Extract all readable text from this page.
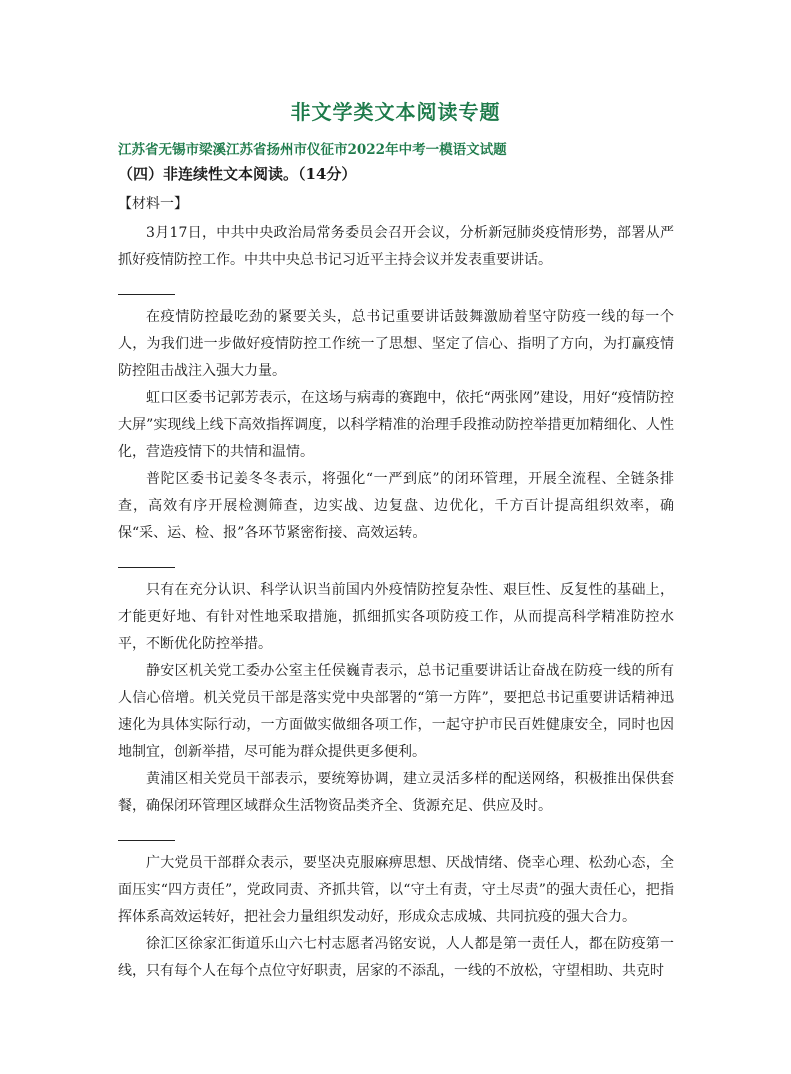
非文学类文本阅读专题
江苏省无锡市梁溪江苏省扬州市仪征市2022年中考一模语文试题
（四）非连续性文本阅读。（14分）
【材料一】

3月17日，中共中央政治局常务委员会召开会议，分析新冠肺炎疫情形势，部署从严抓好疫情防控工作。中共中央总书记习近平主持会议并发表重要讲话。

在疫情防控最吃劲的紧要关头，总书记重要讲话鼓舞激励着坚守防疫一线的每一个人，为我们进一步做好疫情防控工作统一了思想、坚定了信心、指明了方向，为打赢疫情防控阻击战注入强大力量。

虹口区委书记郭芳表示，在这场与病毒的赛跑中，依托“两张网”建设，用好“疫情防控大屏”实现线上线下高效指挥调度，以科学精准的治理手段推动防控举措更加精细化、人性化，营造疫情下的共情和温情。

普陀区委书记姜冬冬表示，将强化“一严到底”的闭环管理，开展全流程、全链条排查，高效有序开展检测筛查，边实战、边复盘、边优化，千方百计提高组织效率，确保“采、运、检、报”各环节紧密衔接、高效运转。

只有在充分认识、科学认识当前国内外疫情防控复杂性、艰巨性、反复性的基础上，才能更好地、有针对性地采取措施，抓细抓实各项防疫工作，从而提高科学精准防控水平，不断优化防控举措。

静安区机关党工委办公室主任侯巍青表示，总书记重要讲话让奋战在防疫一线的所有人信心倍增。机关党员干部是落实党中央部署的“第一方阵”，要把总书记重要讲话精神迅速化为具体实际行动，一方面做实做细各项工作，一起守护市民百姓健康安全，同时也因地制宜，创新举措，尽可能为群众提供更多便利。

黄浦区相关党员干部表示，要统筹协调，建立灵活多样的配送网络，积极推出保供套餐，确保闭环管理区域群众生活物资品类齐全、货源充足、供应及时。

广大党员干部群众表示，要坚决克服麻痹思想、厌战情绪、侥幸心理、松劲心态，全面压实“四方责任”，党政同责、齐抓共管，以“守土有责，守土尽责”的强大责任心，把指挥体系高效运转好，把社会力量组织发动好，形成众志成城、共同抗疫的强大合力。

徐汇区徐家汇街道乐山六七村志愿者冯铭安说，人人都是第一责任人，都在防疫第一线，只有每个人在每个点位守好职责，居家的不添乱，一线的不放松，守望相助、共克时
